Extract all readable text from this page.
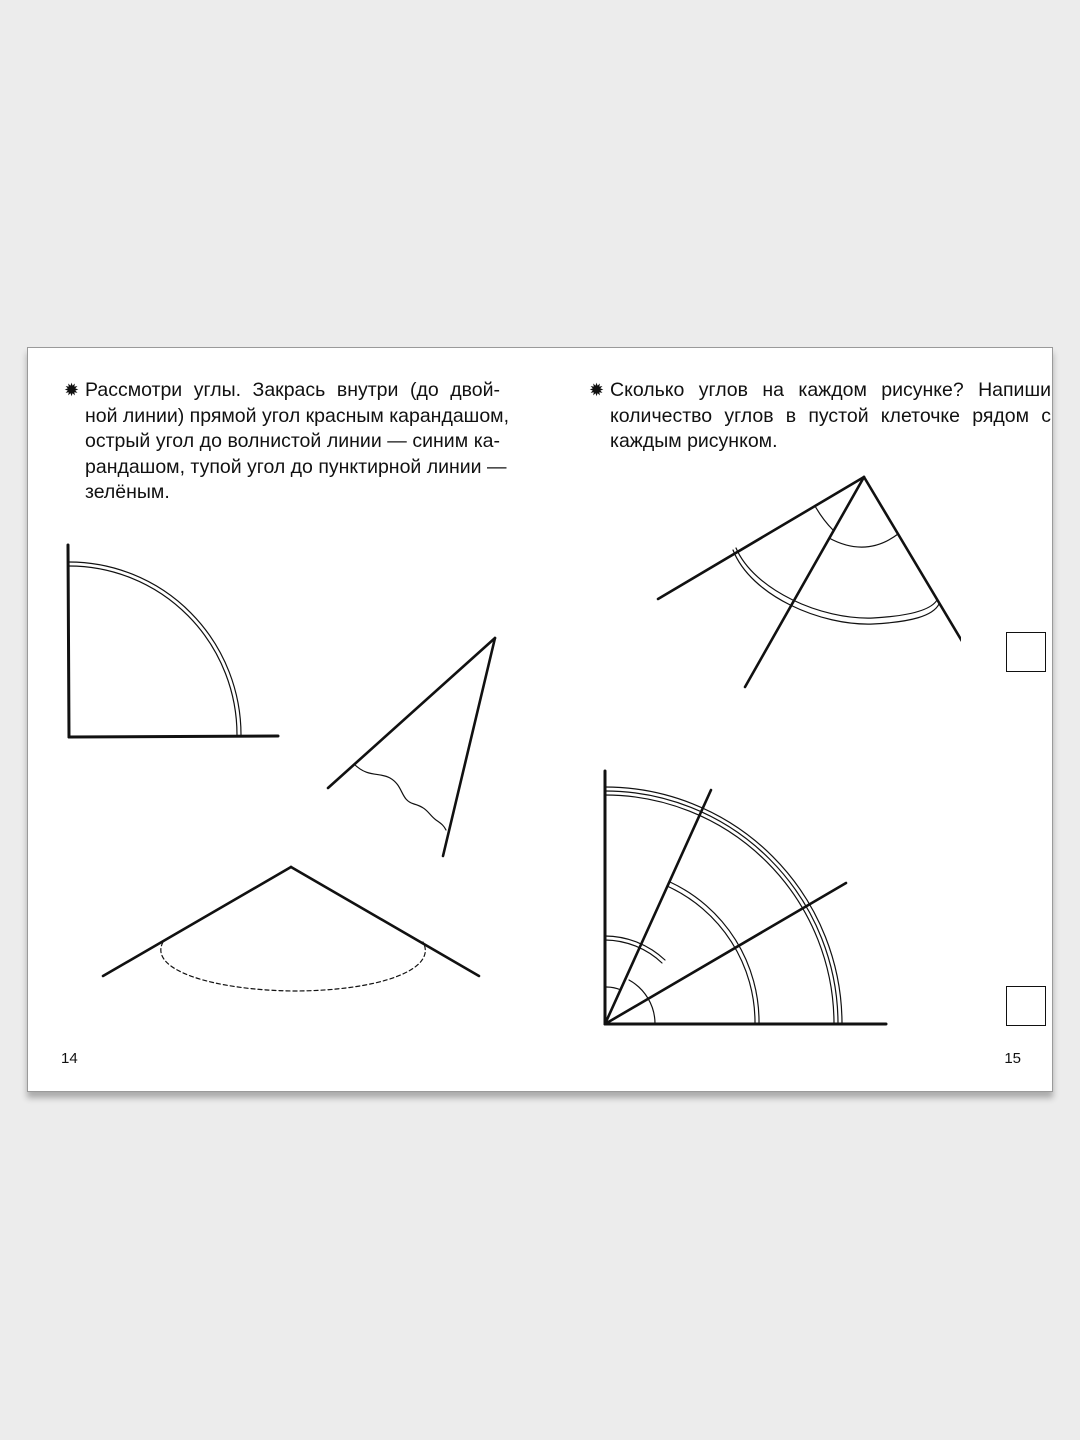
✹ Рассмотри углы. Закрась внутри (до двой-
ной линии) прямой угол красным карандашом,
острый угол до волнистой линии — синим ка-
рандашом, тупой угол до пунктирной линии —
зелёным.
14
✹ Сколько углов на каждом рисунке? Напиши
количество углов в пустой клеточке рядом с
каждым рисунком.
15
